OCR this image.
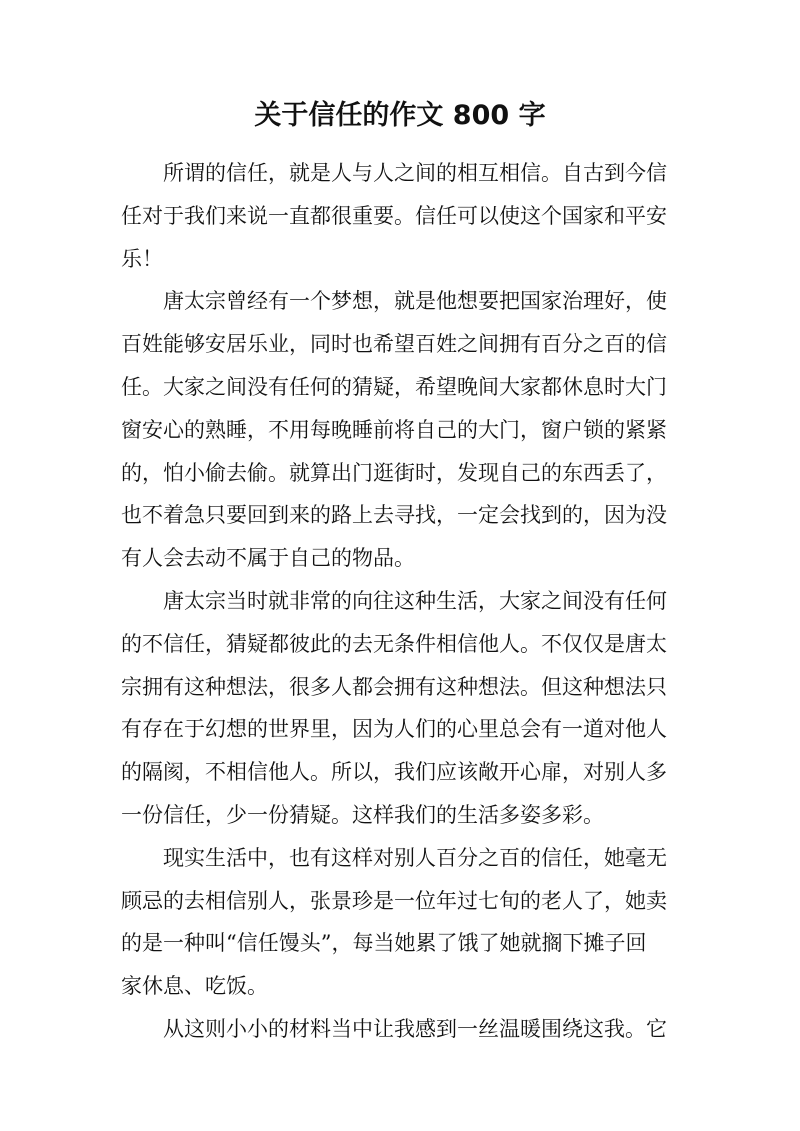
关于信任的作文 800 字

所谓的信任，就是人与人之间的相互相信。自古到今信
任对于我们来说一直都很重要。信任可以使这个国家和平安
乐！

唐太宗曾经有一个梦想，就是他想要把国家治理好，使
百姓能够安居乐业，同时也希望百姓之间拥有百分之百的信
任。大家之间没有任何的猜疑，希望晚间大家都休息时大门
窗安心的熟睡，不用每晚睡前将自己的大门，窗户锁的紧紧
的，怕小偷去偷。就算出门逛街时，发现自己的东西丢了，
也不着急只要回到来的路上去寻找，一定会找到的，因为没
有人会去动不属于自己的物品。

唐太宗当时就非常的向往这种生活，大家之间没有任何
的不信任，猜疑都彼此的去无条件相信他人。不仅仅是唐太
宗拥有这种想法，很多人都会拥有这种想法。但这种想法只
有存在于幻想的世界里，因为人们的心里总会有一道对他人
的隔阂，不相信他人。所以，我们应该敞开心扉，对别人多
一份信任，少一份猜疑。这样我们的生活多姿多彩。

现实生活中，也有这样对别人百分之百的信任，她毫无
顾忌的去相信别人，张景珍是一位年过七旬的老人了，她卖
的是一种叫“信任馒头”，每当她累了饿了她就搁下摊子回
家休息、吃饭。

从这则小小的材料当中让我感到一丝温暖围绕这我。它
